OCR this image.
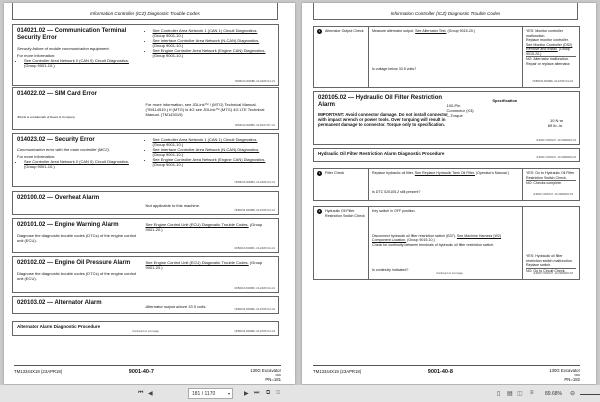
Information Controller (ICZ) Diagnostic Trouble Codes
014021.02 — Communication Terminal Security Error
Security failure of mobile communication equipment.
For more information:
• See Controller Area Network 0 (CAN 0) Circuit Diagnostics. (Group 9001-10.)
• See Controller Area Network 1 (CAN 1) Circuit Diagnostics. (Group 9001-10.)
• See Interface Controller Area Network (N-CAN) Diagnostics. (Group 9001-10.)
• See Engine Controller Area Network (Engine CAN) Diagnostics. (Group 9001-10.)
OFB6013,0000B8 -19-10MAY14-1/1
014022.02 — SIM Card Error
For more information, see JDLink™ / (MTG) Technical Manual. (TM114519.) If (MTG) is 4G see JDLink™ (MTG) 4G LTE Technical Manual. (TM143019)
JDLink is a trademark of Deere & Company
OFB6013,0000B9 -19-20OCT17-1/1
014023.02 — Security Error
Communication error with the main controller (MC2).
For more information:
• See Controller Area Network 0 (CAN 0) Circuit Diagnostics. (Group 9001-10.)
• See Controller Area Network 1 (CAN 1) Circuit Diagnostics. (Group 9001-10.)
• See Interface Controller Area Network (N-CAN) Diagnostics. (Group 9001-10.)
• See Engine Controller Area Network (Engine CAN) Diagnostics. (Group 9001-10.)
OFB6013,0000BA -19-10MAY14-1/1
020100.02 — Overheat Alarm
Not applicable to this machine.
OFB6013,0000BB -19-27MAY14-1/1
020101.02 — Engine Warning Alarm
Diagnose the diagnostic trouble codes (DTCs) of the engine control unit (ECU).
See Engine Control Unit (ECU) Diagnostic Trouble Codes. (Group 9001-20.)
OFB6013,0000BC -19-10MAY14-1/1
020102.02 — Engine Oil Pressure Alarm
Diagnose the diagnostic trouble codes (DTCs) of the engine control unit (ECU).
See Engine Control Unit (ECU) Diagnostic Trouble Codes. (Group 9001-20.)
OFB6013,0000BD -19-10MAY14-1/1
020103.02 — Alternator Alarm
Alternator output above 33.5 volts.
OFB6013,0000BE -19-27MAY14-1/2
Alternator Alarm Diagnostic Procedure
Continued on next page	OFB6013,0000BE -19-27MAY14-1/2
TM13344X19 (23APR18)	9001-40-7	130G Excavator
0000
PN=181
Information Controller (ICZ) Diagnostic Trouble Codes
1	Alternator Output Check Measure alternator output. See Alternator Test. (Group 9015-20.)
Is voltage below 33.5 volts?
YES: Monitor controller malfunction.
Replace monitor controller.
See Monitor Controller (DS2) Remove and Install. (Group 9015-20.)
NO: Alternator malfunction.
Repair or replace alternator.
OFB6013,0000BE -19-27MAY14-2/2
020105.02 — Hydraulic Oil Filter Restriction Alarm
IMPORTANT: Avoid connector damage. Do not install connector with impact wrench or power tools. Over torquing will result in permanent damage to connector. Torque only to specification.
Specification
100-Pin Connector (X3)—Torque
10 N·m
89 lb.-in.
JL68417,0000107 -19-19FEB18-1/3
Hydraulic Oil Filter Restriction Alarm Diagnostic Procedure
JL68417,0000107 -19-19FEB18-2/3
1	Filter Check	Replace hydraulic oil filter. See Replace Hydraulic Tank Oil Filter. (Operator's Manual.)
Is DTC 020105.2 still present?
YES: Go to Hydraulic Oil Filter Restriction Switch Check.
NO: Checks complete.
JL68417,0000107 -19-19FEB18-3/3
2	Hydraulic Oil Filter Restriction Switch Check
Key switch in OFF position.
Disconnect hydraulic oil filter restriction switch (B37). See Machine Harness (W2) Component Location. (Group 9015-10.)
Check for continuity between terminals of hydraulic oil filter restriction switch.
Is continuity indicated?
YES: Hydraulic oil filter restriction switch malfunction. Replace switch.
NO: Go to Circuit Check.
Continued on next page	JL68417,0000107 -19-19FEB18-3/3
TM13344X19 (23APR18)	9001-40-8	130G Excavator
0000
PN=182
⏮ ◀	181 / 1170	▾ ▶ ⏭ ⧉ ⧉	▯ ▤ ◫ ≡ 89.68% ⊖
